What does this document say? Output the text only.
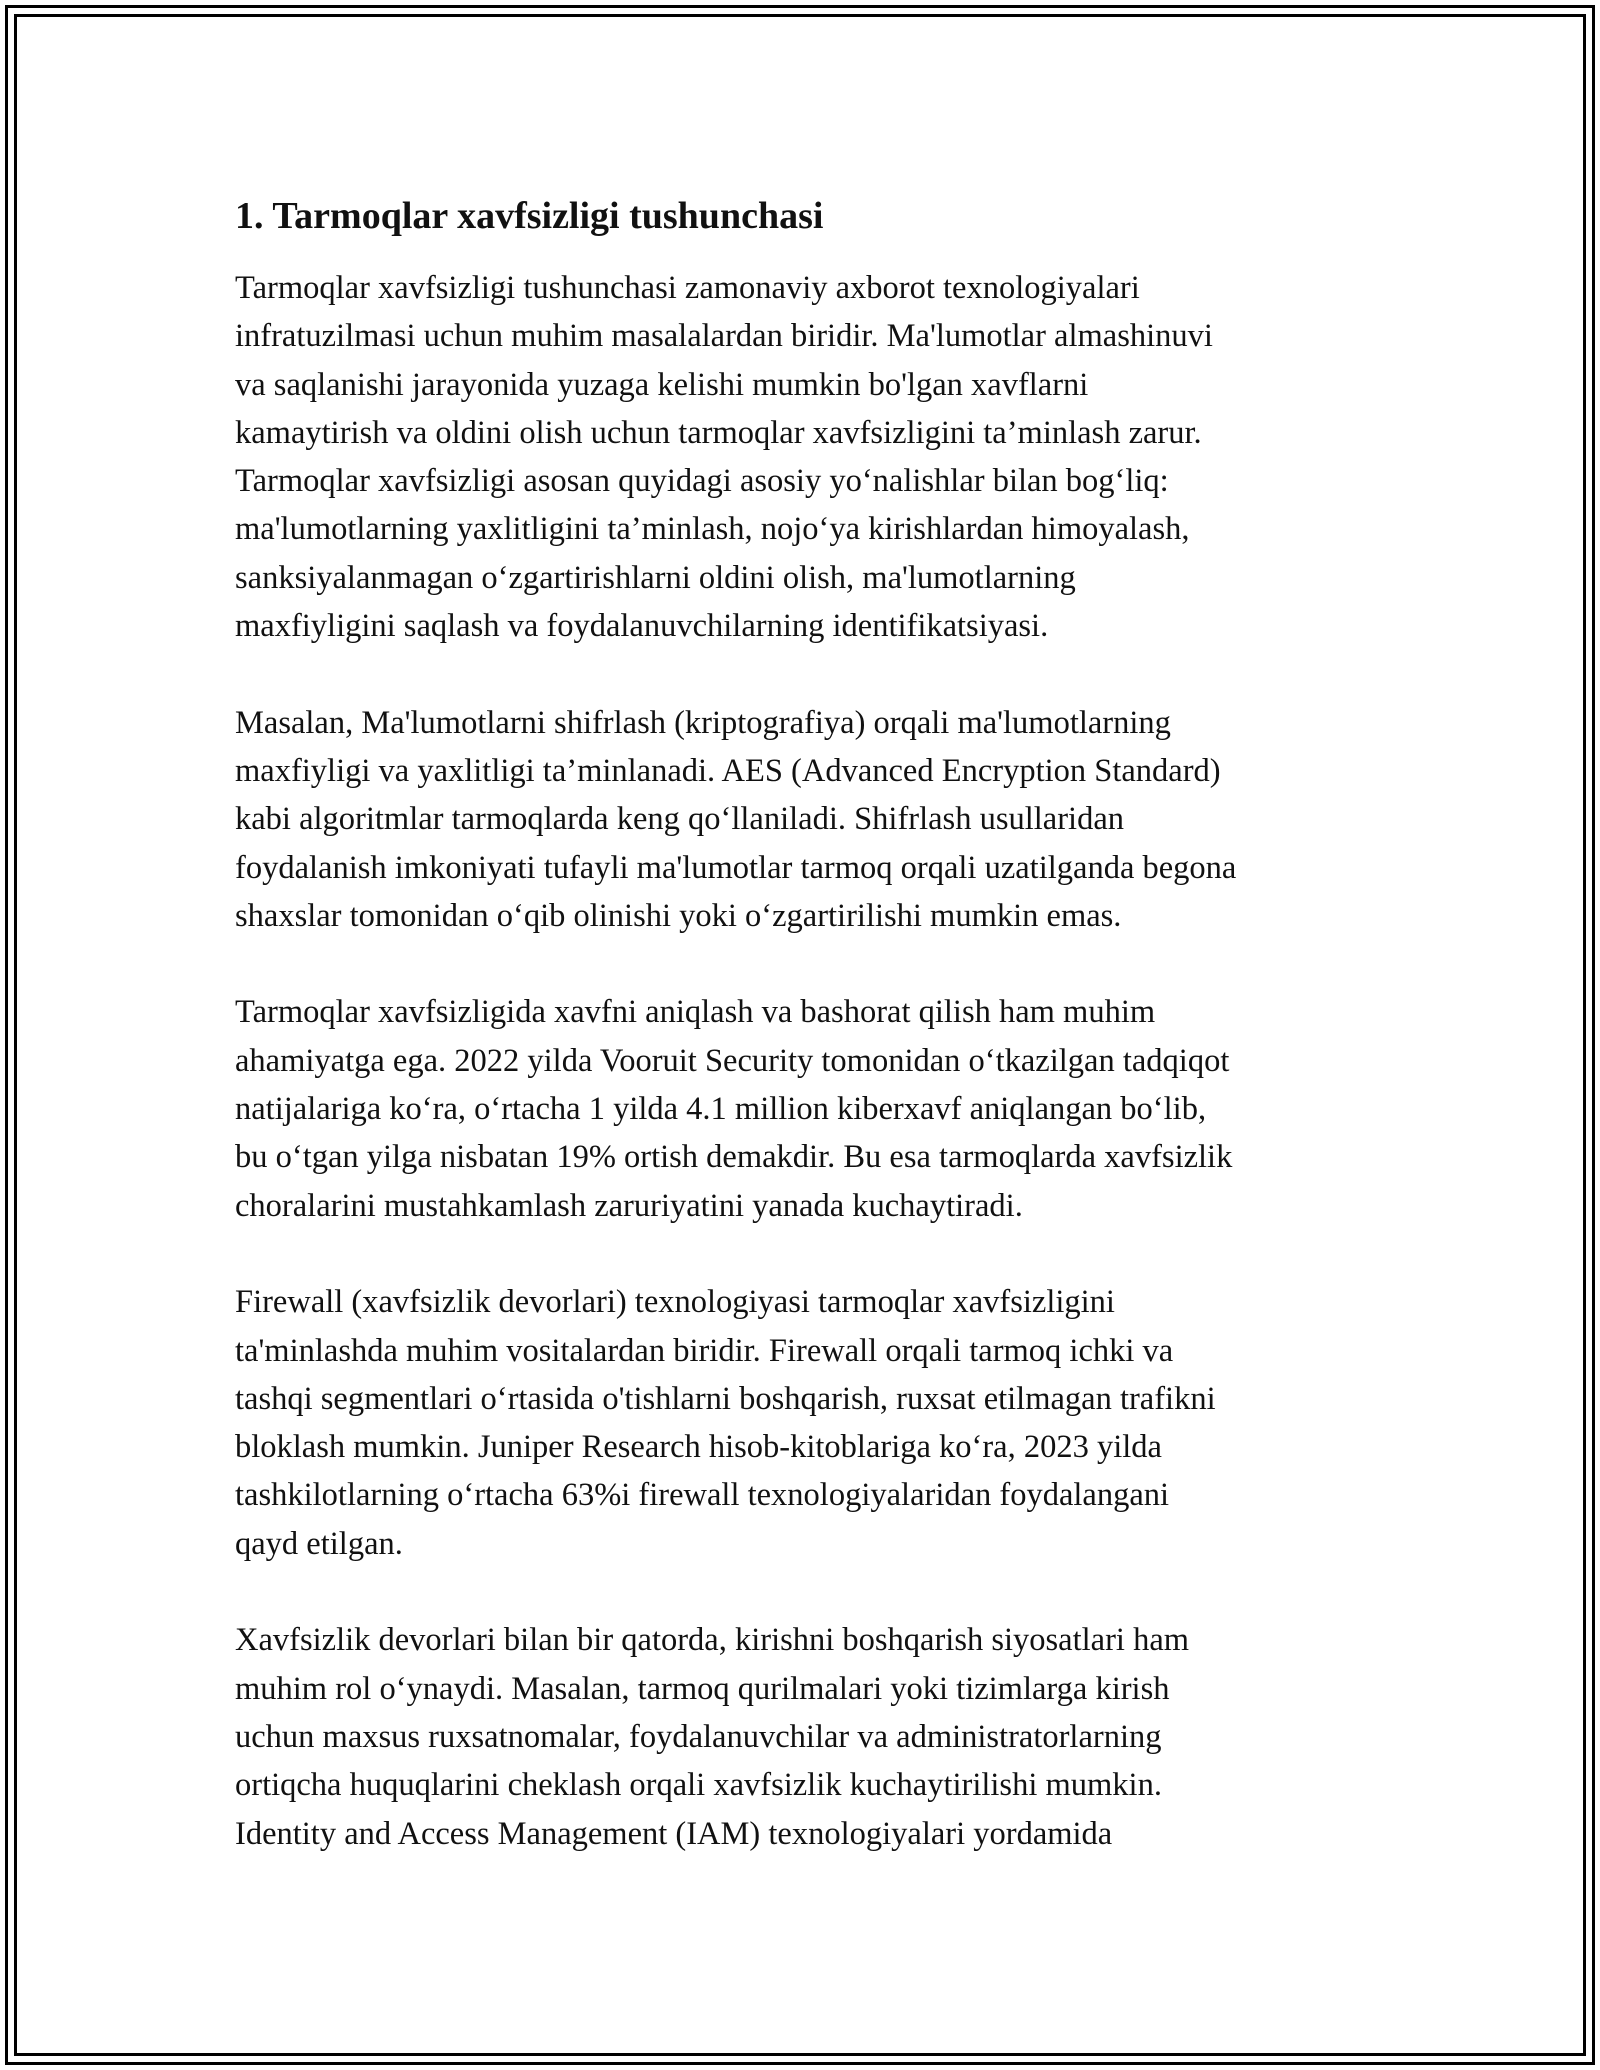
1. Tarmoqlar xavfsizligi tushunchasi
Tarmoqlar xavfsizligi tushunchasi zamonaviy axborot texnologiyalari
infratuzilmasi uchun muhim masalalardan biridir. Ma'lumotlar almashinuvi
va saqlanishi jarayonida yuzaga kelishi mumkin bo'lgan xavflarni
kamaytirish va oldini olish uchun tarmoqlar xavfsizligini ta’minlash zarur.
Tarmoqlar xavfsizligi asosan quyidagi asosiy yoʻnalishlar bilan bogʻliq:
ma'lumotlarning yaxlitligini ta’minlash, nojoʻya kirishlardan himoyalash,
sanksiyalanmagan oʻzgartirishlarni oldini olish, ma'lumotlarning
maxfiyligini saqlash va foydalanuvchilarning identifikatsiyasi.
Masalan, Ma'lumotlarni shifrlash (kriptografiya) orqali ma'lumotlarning
maxfiyligi va yaxlitligi ta’minlanadi. AES (Advanced Encryption Standard)
kabi algoritmlar tarmoqlarda keng qoʻllaniladi. Shifrlash usullaridan
foydalanish imkoniyati tufayli ma'lumotlar tarmoq orqali uzatilganda begona
shaxslar tomonidan oʻqib olinishi yoki oʻzgartirilishi mumkin emas.
Tarmoqlar xavfsizligida xavfni aniqlash va bashorat qilish ham muhim
ahamiyatga ega. 2022 yilda Vooruit Security tomonidan oʻtkazilgan tadqiqot
natijalariga koʻra, oʻrtacha 1 yilda 4.1 million kiberxavf aniqlangan boʻlib,
bu oʻtgan yilga nisbatan 19% ortish demakdir. Bu esa tarmoqlarda xavfsizlik
choralarini mustahkamlash zaruriyatini yanada kuchaytiradi.
Firewall (xavfsizlik devorlari) texnologiyasi tarmoqlar xavfsizligini
ta'minlashda muhim vositalardan biridir. Firewall orqali tarmoq ichki va
tashqi segmentlari oʻrtasida o'tishlarni boshqarish, ruxsat etilmagan trafikni
bloklash mumkin. Juniper Research hisob-kitoblariga koʻra, 2023 yilda
tashkilotlarning oʻrtacha 63%i firewall texnologiyalaridan foydalangani
qayd etilgan.
Xavfsizlik devorlari bilan bir qatorda, kirishni boshqarish siyosatlari ham
muhim rol oʻynaydi. Masalan, tarmoq qurilmalari yoki tizimlarga kirish
uchun maxsus ruxsatnomalar, foydalanuvchilar va administratorlarning
ortiqcha huquqlarini cheklash orqali xavfsizlik kuchaytirilishi mumkin.
Identity and Access Management (IAM) texnologiyalari yordamida
